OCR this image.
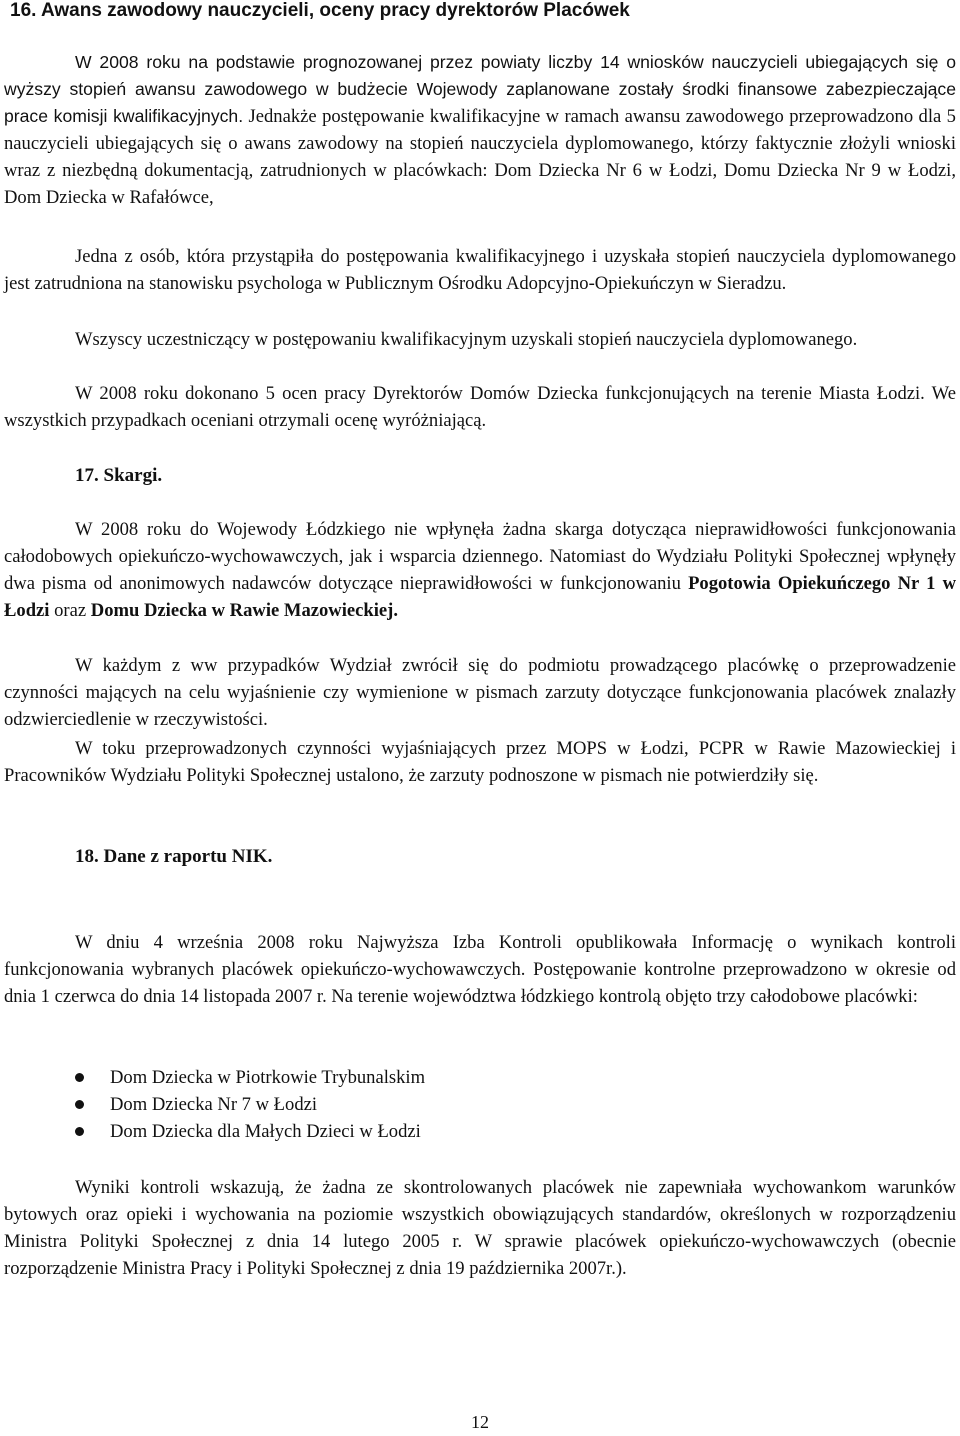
16. Awans zawodowy nauczycieli, oceny pracy dyrektorów Placówek

W 2008 roku na podstawie prognozowanej przez powiaty liczby 14 wniosków nauczycieli ubiegających się o wyższy stopień awansu zawodowego w budżecie Wojewody zaplanowane zostały środki finansowe zabezpieczające prace komisji kwalifikacyjnych. Jednakże postępowanie kwalifikacyjne w ramach awansu zawodowego przeprowadzono dla 5 nauczycieli ubiegających się o awans zawodowy na stopień nauczyciela dyplomowanego, którzy faktycznie złożyli wnioski wraz z niezbędną dokumentacją, zatrudnionych w placówkach: Dom Dziecka Nr 6 w Łodzi, Domu Dziecka Nr 9 w Łodzi, Dom Dziecka w Rafałówce,

Jedna z osób, która przystąpiła do postępowania kwalifikacyjnego i uzyskała stopień nauczyciela dyplomowanego jest zatrudniona na stanowisku psychologa w Publicznym Ośrodku Adopcyjno-Opiekuńczyn w Sieradzu.

Wszyscy uczestniczący w postępowaniu kwalifikacyjnym uzyskali stopień nauczyciela dyplomowanego.

W 2008 roku dokonano 5 ocen pracy Dyrektorów Domów Dziecka funkcjonujących na terenie Miasta Łodzi. We wszystkich przypadkach oceniani otrzymali ocenę wyróżniającą.

17. Skargi.

W 2008 roku do Wojewody Łódzkiego nie wpłynęła żadna skarga dotycząca nieprawidłowości funkcjonowania całodobowych opiekuńczo-wychowawczych, jak i wsparcia dziennego. Natomiast do Wydziału Polityki Społecznej wpłynęły dwa pisma od anonimowych nadawców dotyczące nieprawidłowości w funkcjonowaniu Pogotowia Opiekuńczego Nr 1 w Łodzi oraz Domu Dziecka w Rawie Mazowieckiej.

W każdym z ww przypadków Wydział zwrócił się do podmiotu prowadzącego placówkę o przeprowadzenie czynności mających na celu wyjaśnienie czy wymienione w pismach zarzuty dotyczące funkcjonowania placówek znalazły odzwierciedlenie w rzeczywistości.

W toku przeprowadzonych czynności wyjaśniających przez MOPS w Łodzi, PCPR w Rawie Mazowieckiej i Pracowników Wydziału Polityki Społecznej ustalono, że zarzuty podnoszone w pismach nie potwierdziły się.

18. Dane z raportu NIK.

W dniu 4 września 2008 roku Najwyższa Izba Kontroli opublikowała Informację o wynikach kontroli funkcjonowania wybranych placówek opiekuńczo-wychowawczych. Postępowanie kontrolne przeprowadzono w okresie od dnia 1 czerwca do dnia 14 listopada 2007 r. Na terenie województwa łódzkiego kontrolą objęto trzy całodobowe placówki:

Dom Dziecka w Piotrkowie Trybunalskim
Dom Dziecka Nr 7 w Łodzi
Dom Dziecka dla Małych Dzieci w Łodzi

Wyniki kontroli wskazują, że żadna ze skontrolowanych placówek nie zapewniała wychowankom warunków bytowych oraz opieki i wychowania na poziomie wszystkich obowiązujących standardów, określonych w rozporządzeniu Ministra Polityki Społecznej z dnia 14 lutego 2005 r. W sprawie placówek opiekuńczo-wychowawczych (obecnie rozporządzenie Ministra Pracy i Polityki Społecznej z dnia 19 października 2007r.).

12
